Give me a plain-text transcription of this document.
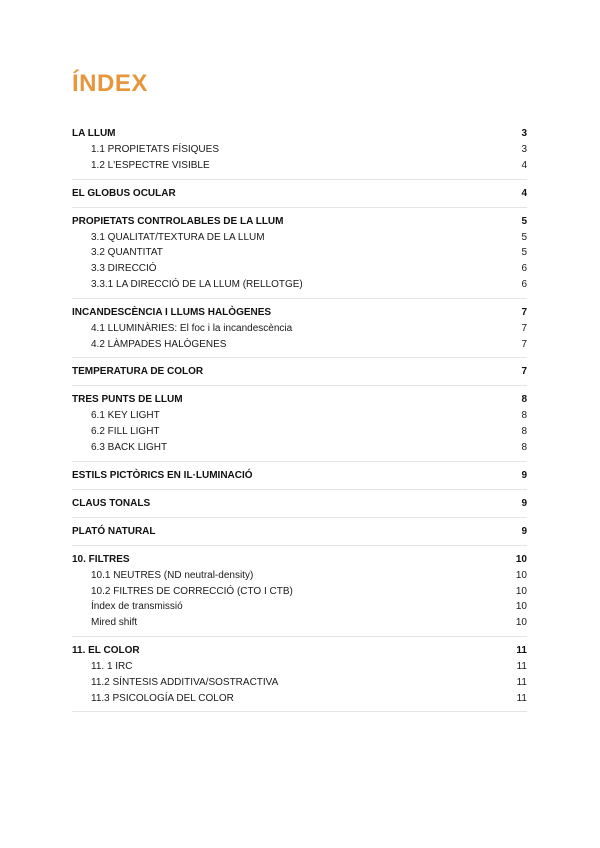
ÍNDEX
LA LLUM	3
1.1 PROPIETATS FÍSIQUES	3
1.2 L'ESPECTRE VISIBLE	4
EL GLOBUS OCULAR	4
PROPIETATS CONTROLABLES DE LA LLUM	5
3.1 QUALITAT/TEXTURA DE LA LLUM	5
3.2 QUANTITAT	5
3.3 DIRECCIÓ	6
3.3.1 LA DIRECCIÓ DE LA LLUM (RELLOTGE)	6
INCANDESCÈNCIA I LLUMS HALÒGENES	7
4.1 LLUMINÀRIES: El foc i la incandescència	7
4.2 LÀMPADES HALÒGENES	7
TEMPERATURA DE COLOR	7
TRES PUNTS DE LLUM	8
6.1 KEY LIGHT	8
6.2 FILL LIGHT	8
6.3 BACK LIGHT	8
ESTILS PICTÒRICS EN IL·LUMINACIÓ	9
CLAUS TONALS	9
PLATÓ NATURAL	9
10. FILTRES	10
10.1 NEUTRES (ND neutral-density)	10
10.2 FILTRES DE CORRECCIÓ (CTO I CTB)	10
Índex de transmissió	10
Mired shift	10
11. EL COLOR	11
11. 1 IRC	11
11.2 SÍNTESIS ADDITIVA/SOSTRACTIVA	11
11.3 PSICOLOGÍA DEL COLOR	11
